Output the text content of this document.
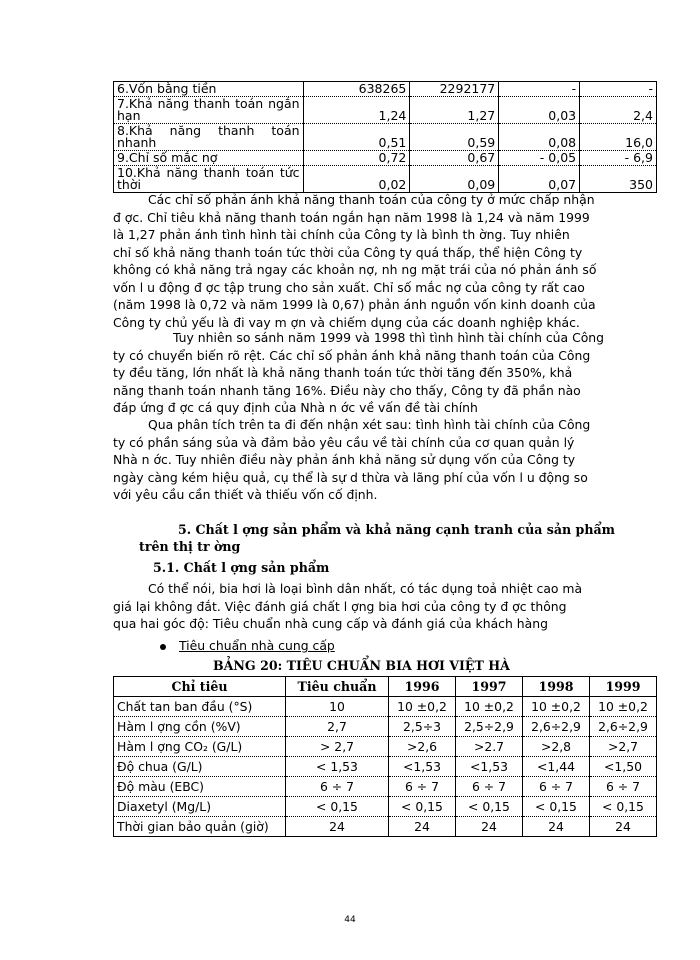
6.Vốn bằng tiền	638265	2292177	-	-
7.Khả năng thanh toán ngắn hạn	1,24	1,27	0,03	2,4
8.Khả năng thanh toán nhanh	0,51	0,59	0,08	16,0
9.Chỉ số mắc nợ	0,72	0,67	- 0,05	- 6,9
10.Khả năng thanh toán tức thời	0,02	0,09	0,07	350
Các chỉ số phản ánh khả năng thanh toán của công ty ở mức chấp nhận
đ ợc. Chỉ tiêu khả năng thanh toán ngắn hạn năm 1998 là 1,24 và năm 1999
là 1,27 phản ánh tình hình tài chính của Công ty là bình th ờng. Tuy nhiên
chỉ số khả năng thanh toán tức thời của Công ty quá thấp, thể hiện Công ty
không có khả năng trả ngay các khoản nợ, nh ng mặt trái của nó phản ánh số
vốn l u động đ ợc tập trung cho sản xuất. Chỉ số mắc nợ của công ty rất cao
(năm 1998 là 0,72 và năm 1999 là 0,67) phản ánh nguồn vốn kinh doanh của
Công ty chủ yếu là đi vay m ợn và chiếm dụng của các doanh nghiệp khác.
Tuy nhiên so sánh năm 1999 và 1998 thì tình hình tài chính của Công
ty có chuyển biến rõ rệt. Các chỉ số phản ánh khả năng thanh toán của Công
ty đều tăng, lớn nhất là khả năng thanh toán tức thời tăng đến 350%, khả
năng thanh toán nhanh tăng 16%. Điều này cho thấy, Công ty đã phần nào
đáp ứng đ ợc cá quy định của Nhà n ớc về vấn đề tài chính
Qua phân tích trên ta đi đến nhận xét sau: tình hình tài chính của Công
ty có phần sáng sủa và đảm bảo yêu cầu về tài chính của cơ quan quản lý
Nhà n ớc. Tuy nhiên điều này phản ánh khả năng sử dụng vốn của Công ty
ngày càng kém hiệu quả, cụ thể là sự d thừa và lãng phí của vốn l u động so
với yêu cầu cần thiết và thiếu vốn cố định.
5. Chất l ợng sản phẩm và khả năng cạnh tranh của sản phẩm
trên thị tr ờng
5.1. Chất l ợng sản phẩm
Có thể nói, bia hơi là loại bình dân nhất, có tác dụng toả nhiệt cao mà
giá lại không đắt. Việc đánh giá chất l ợng bia hơi của công ty đ ợc thông
qua hai góc độ: Tiêu chuẩn nhà cung cấp và đánh giá của khách hàng
Tiêu chuẩn nhà cung cấp
BẢNG 20: TIÊU CHUẨN BIA HƠI VIỆT HÀ
Chỉ tiêu	Tiêu chuẩn	1996	1997	1998	1999
Chất tan ban đầu (°S)	10	10 ±0,2	10 ±0,2	10 ±0,2	10 ±0,2
Hàm l ợng cồn (%V)	2,7	2,5÷3	2,5÷2,9	2,6÷2,9	2,6÷2,9
Hàm l ợng CO₂ (G/L)	> 2,7	>2,6	>2.7	>2,8	>2,7
Độ chua (G/L)	< 1,53	<1,53	<1,53	<1,44	<1,50
Độ màu (EBC)	6 ÷ 7	6 ÷ 7	6 ÷ 7	6 ÷ 7	6 ÷ 7
Diaxetyl (Mg/L)	< 0,15	< 0,15	< 0,15	< 0,15	< 0,15
Thời gian bảo quản (giờ)	24	24	24	24	24
44
